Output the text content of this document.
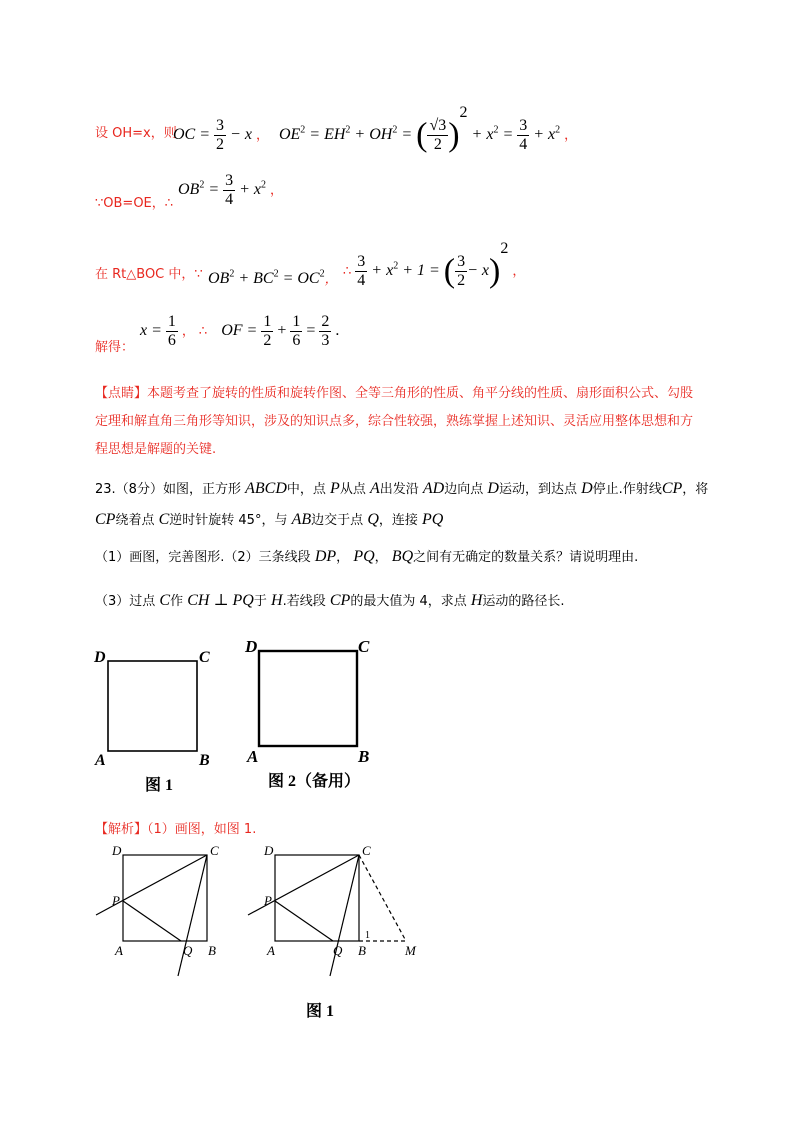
设 OH=x，则
OC = $\frac{3}{2} - x$ ， $OE^2 = EH^2 + OH^2$ = ( $\frac{√3}{2} )^2 + x^2 = \frac{3}{4} + x^2$ ，
∵OB=OE，∴
$OB^2 = \frac{3}{4} + x^2$ ，
在 Rt△BOC 中，∵ $OB^2 + BC^2 = OC^2$，
∴ $\frac{3}{4} + x^2 + 1$ = ( $\frac{3}{2} - x)^2$ ，
解得：
$x = \frac{1}{6}$ ， ∴ OF = $\frac{1}{2} + \frac{1}{6} = \frac{2}{3}$ .
【点睛】本题考查了旋转的性质和旋转作图、全等三角形的性质、角平分线的性质、扇形面积公式、勾股定理和解直角三角形等知识，涉及的知识点多，综合性较强，熟练掌握上述知识、灵活应用整体思想和方程思想是解题的关键.
23.（8分）如图，正方形 ABCD中，点 P从点 A出发沿 AD边向点 D运动，到达点 D停止.作射线CP，将 CP绕着点 C逆时针旋转 45°，与 AB边交于点 Q，连接 PQ
（1）画图，完善图形.（2）三条线段 DP， PQ， BQ之间有无确定的数量关系？请说明理由.
（3）过点 C作 CH ⊥ PQ于 H.若线段 CP的最大值为 4，求点 H运动的路径长.
D	C
A	B
图 1
D	C
A	B
图 2（备用）
【解析】（1）画图，如图 1.
D	C
P
A	Q B
D	C
P
A	Q B
1
M
图 1
